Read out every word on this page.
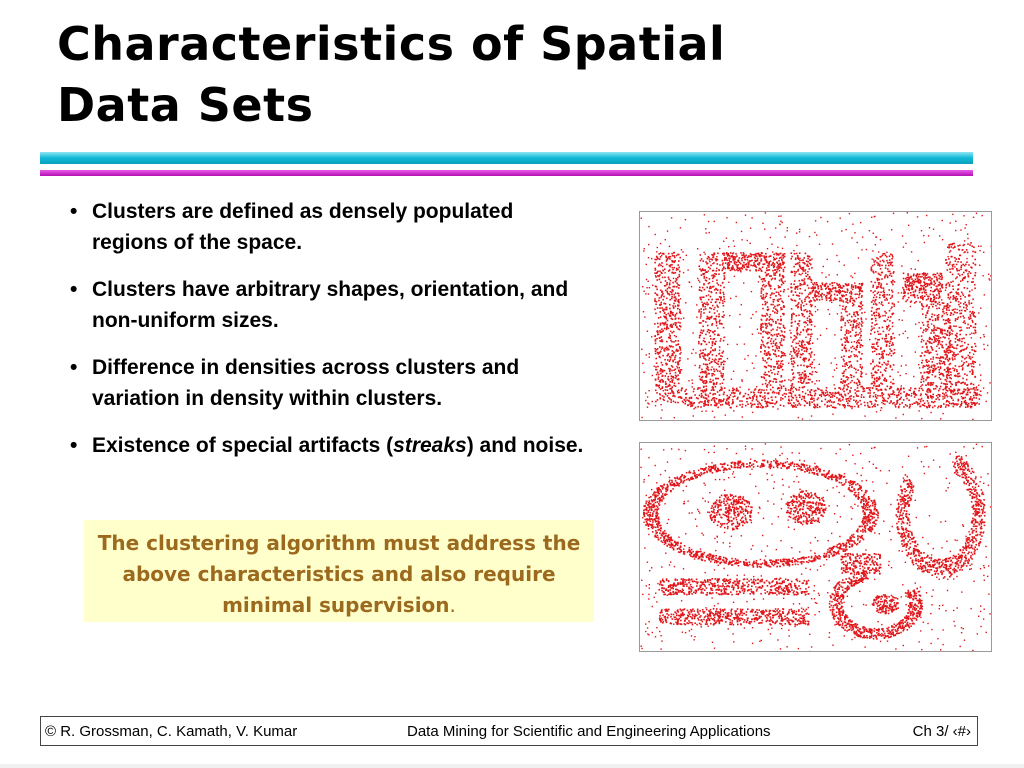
Characteristics of Spatial
Data Sets
• Clusters are defined as densely populated regions of the space.
• Clusters have arbitrary shapes, orientation, and non-uniform sizes.
• Difference in densities across clusters and variation in density within clusters.
• Existence of special artifacts (streaks) and noise.
The clustering algorithm must address the above characteristics and also require minimal supervision.
© R. Grossman, C. Kamath, V. Kumar	Data Mining for Scientific and Engineering Applications	Ch 3/ ‹#›
